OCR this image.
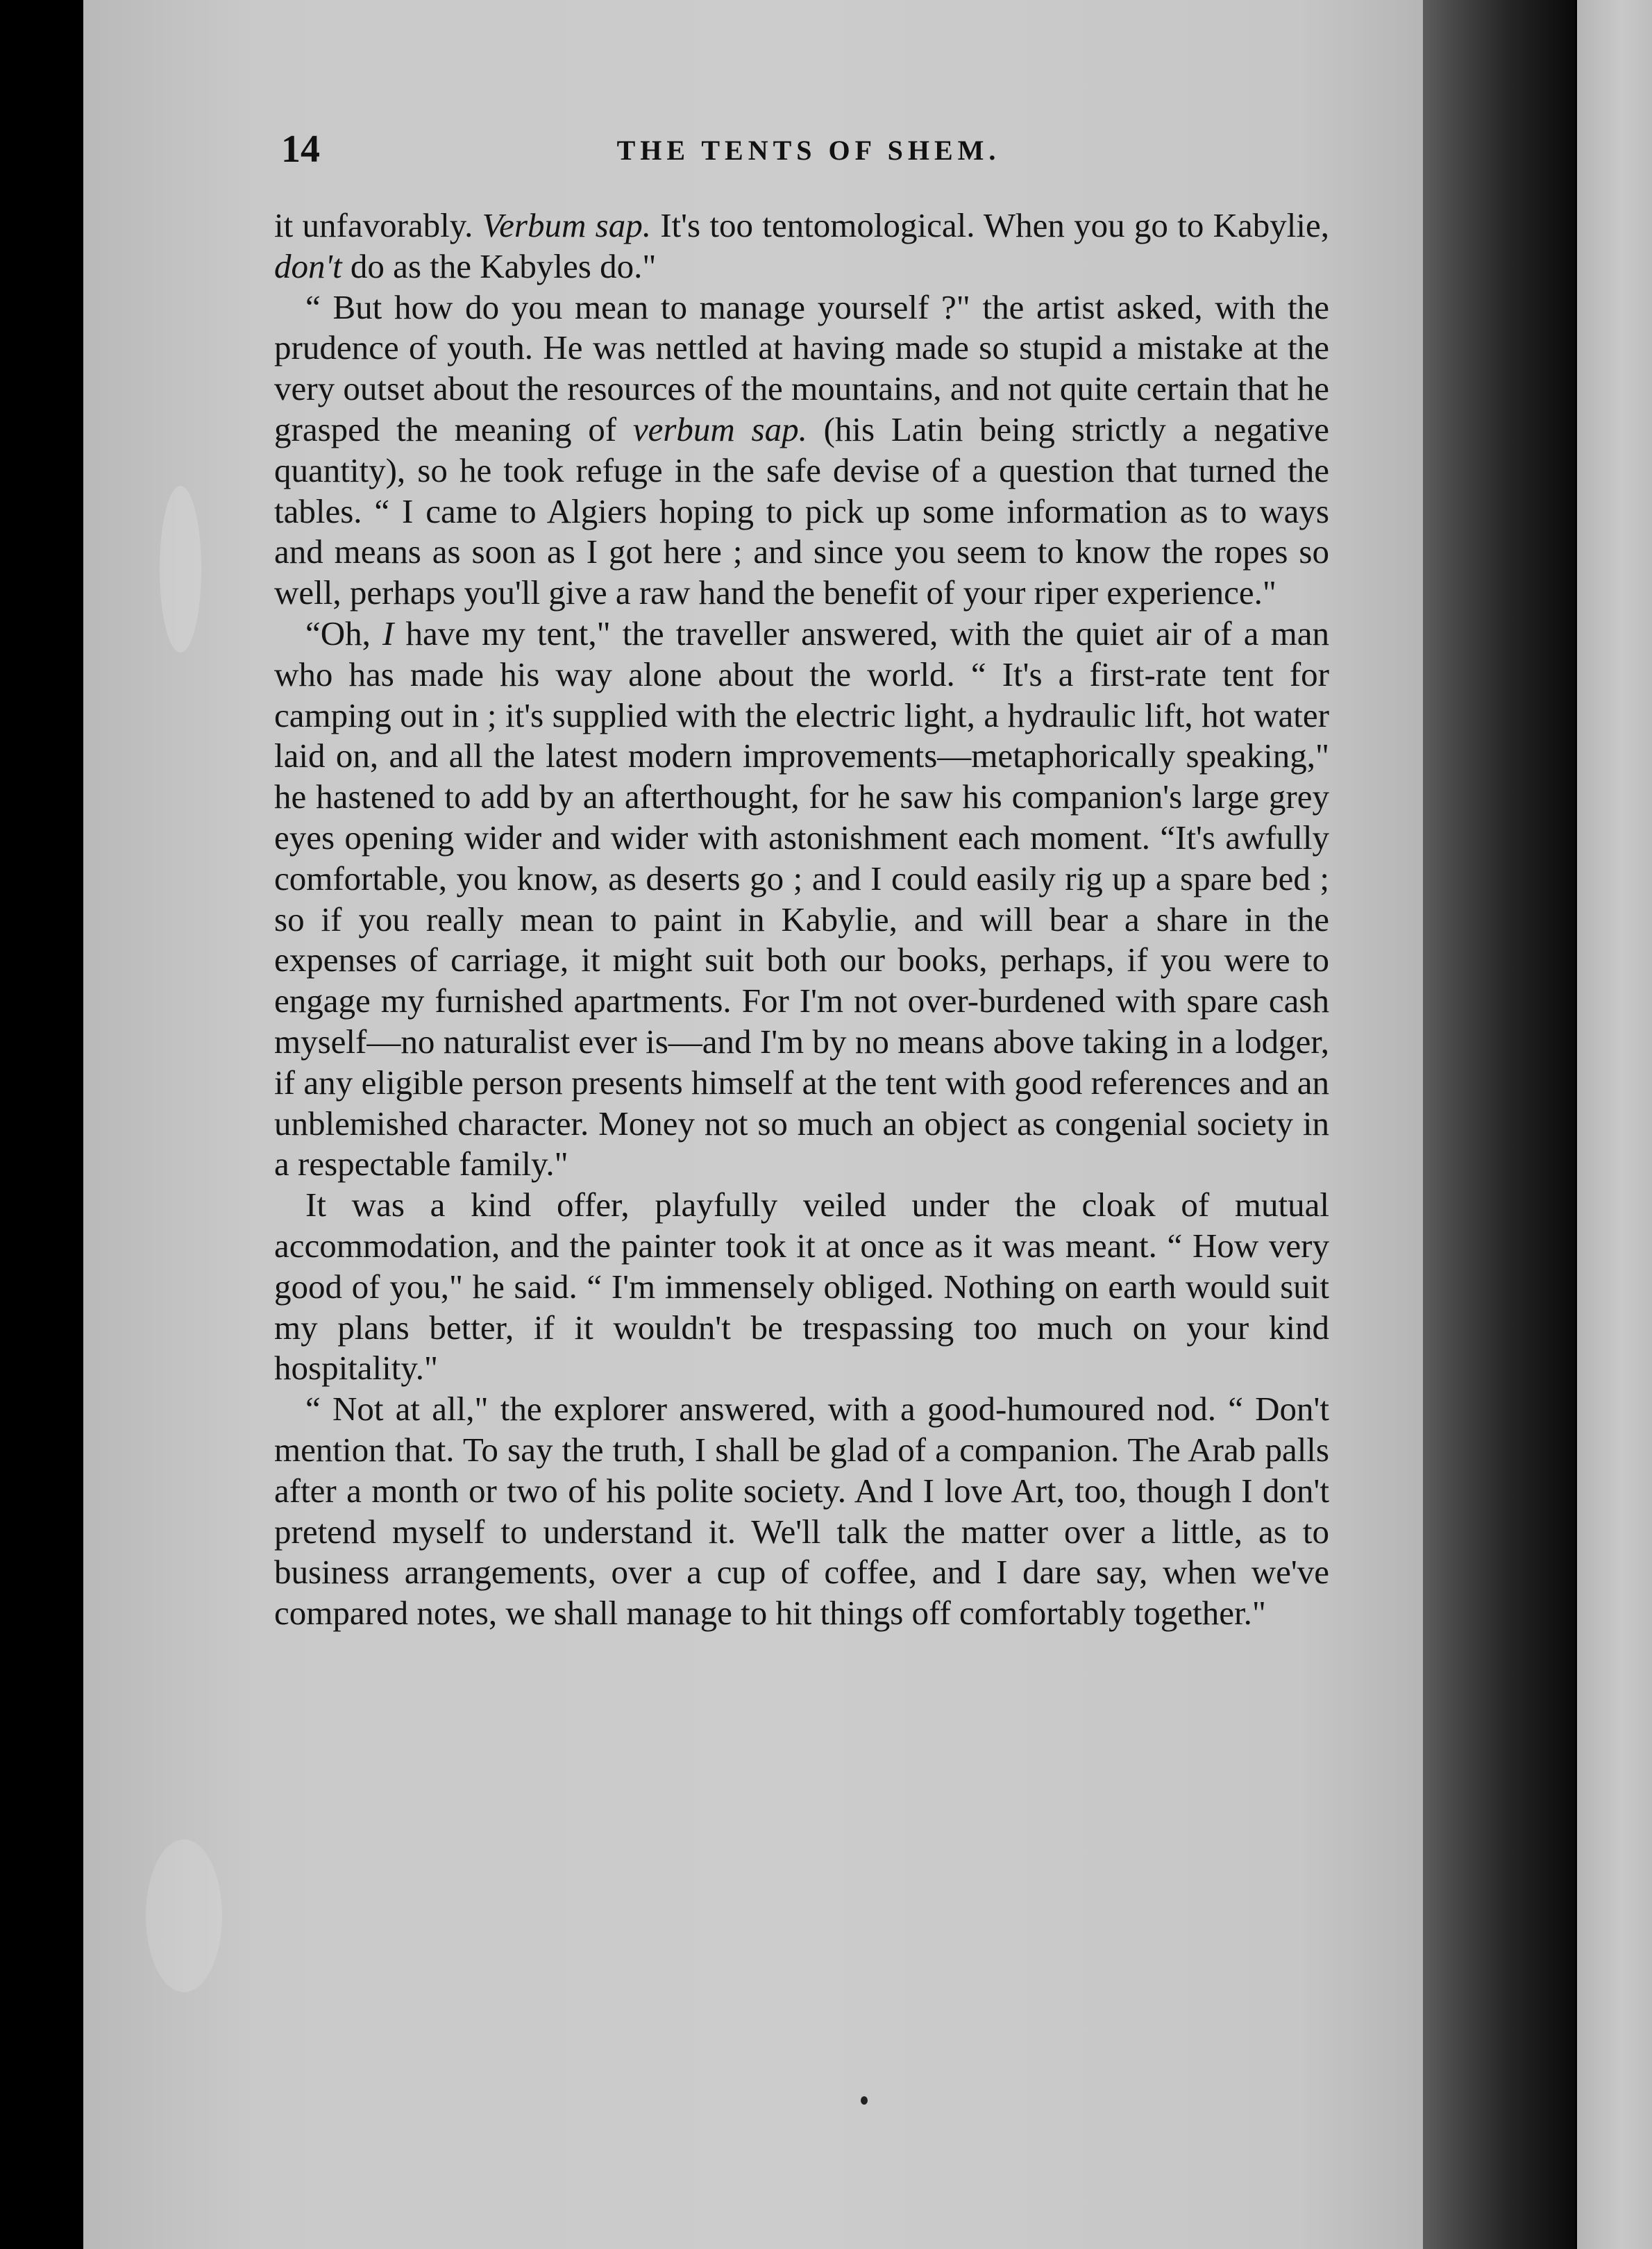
14	THE TENTS OF SHEM.

it unfavorably. Verbum sap. It's too tentomological. When you go to Kabylie, don't do as the Kabyles do."

“ But how do you mean to manage yourself ?" the artist asked, with the prudence of youth. He was nettled at having made so stupid a mistake at the very outset about the resources of the mountains, and not quite certain that he grasped the meaning of verbum sap. (his Latin being strictly a negative quantity), so he took refuge in the safe devise of a question that turned the tables. “ I came to Algiers hoping to pick up some information as to ways and means as soon as I got here ; and since you seem to know the ropes so well, perhaps you'll give a raw hand the benefit of your riper experience."

“Oh, I have my tent," the traveller answered, with the quiet air of a man who has made his way alone about the world. “ It's a first-rate tent for camping out in ; it's supplied with the electric light, a hydraulic lift, hot water laid on, and all the latest modern improvements—metaphorically speaking," he hastened to add by an afterthought, for he saw his companion's large grey eyes opening wider and wider with astonishment each moment. “It's awfully comfortable, you know, as deserts go ; and I could easily rig up a spare bed ; so if you really mean to paint in Kabylie, and will bear a share in the expenses of carriage, it might suit both our books, perhaps, if you were to engage my furnished apartments. For I'm not over-burdened with spare cash myself—no naturalist ever is—and I'm by no means above taking in a lodger, if any eligible person presents himself at the tent with good references and an unblemished character. Money not so much an object as congenial society in a respectable family."

It was a kind offer, playfully veiled under the cloak of mutual accommodation, and the painter took it at once as it was meant. “ How very good of you," he said. “ I'm immensely obliged. Nothing on earth would suit my plans better, if it wouldn't be trespassing too much on your kind hospitality."

“ Not at all," the explorer answered, with a good-humoured nod. “ Don't mention that. To say the truth, I shall be glad of a companion. The Arab palls after a month or two of his polite society. And I love Art, too, though I don't pretend myself to understand it. We'll talk the matter over a little, as to business arrangements, over a cup of coffee, and I dare say, when we've compared notes, we shall manage to hit things off comfortably together."
